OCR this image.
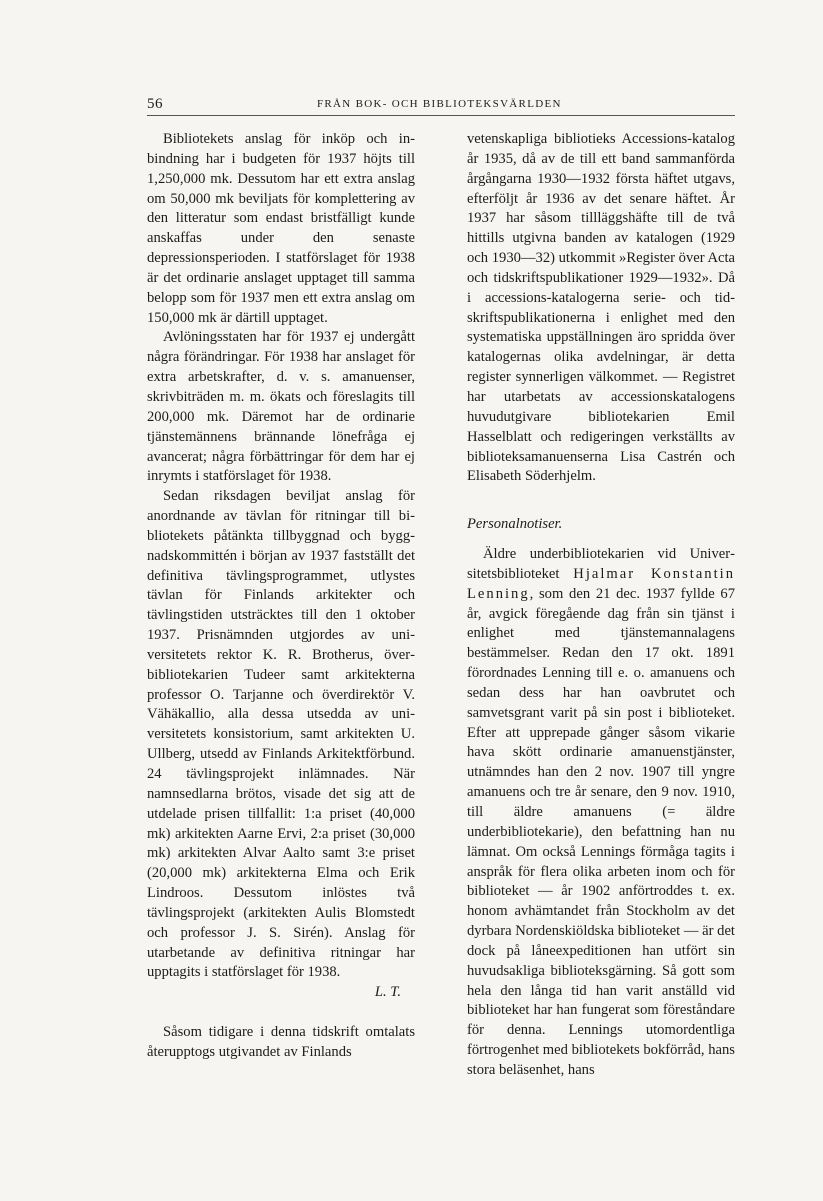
56	FRÅN BOK- OCH BIBLIOTEKSVÄRLDEN

Bibliotekets anslag för inköp och inbindning har i budgeten för 1937 höjts till 1,250,000 mk. Dessutom har ett extra anslag om 50,000 mk beviljats för komplettering av den litteratur som endast bristfälligt kunde anskaffas under den senaste depressionsperioden. I statförslaget för 1938 är det ordinarie anslaget upptaget till samma belopp som för 1937 men ett extra anslag om 150,000 mk är därtill upptaget.

Avlöningsstaten har för 1937 ej undergått några förändringar. För 1938 har anslaget för extra arbetskrafter, d. v. s. amanuenser, skrivbiträden m. m. ökats och föreslagits till 200,000 mk. Däremot har de ordinarie tjänstemännens brännande lönefråga ej avancerat; några förbättringar för dem har ej inrymts i statförslaget för 1938.

Sedan riksdagen beviljat anslag för anordnande av tävlan för ritningar till bibliotekets påtänkta tillbyggnad och byggnadskommittén i början av 1937 fastställt det definitiva tävlingsprogrammet, utlystes tävlan för Finlands arkitekter och tävlingstiden utsträcktes till den 1 oktober 1937. Prisnämnden utgjordes av universitetets rektor K. R. Brotherus, överbibliotekarien Tudeer samt arkitekterna professor O. Tarjanne och överdirektör V. Vähäkallio, alla dessa utsedda av universitetets konsistorium, samt arkitekten U. Ullberg, utsedd av Finlands Arkitektförbund. 24 tävlingsprojekt inlämnades. När namnsedlarna brötos, visade det sig att de utdelade prisen tillfallit: 1:a priset (40,000 mk) arkitekten Aarne Ervi, 2:a priset (30,000 mk) arkitekten Alvar Aalto samt 3:e priset (20,000 mk) arkitekterna Elma och Erik Lindroos. Dessutom inlöstes två tävlingsprojekt (arkitekten Aulis Blomstedt och professor J. S. Sirén). Anslag för utarbetande av definitiva ritningar har upptagits i statförslaget för 1938.

L. T.

Såsom tidigare i denna tidskrift omtalats återupptogs utgivandet av Finlands

vetenskapliga bibliotieks Accessions-katalog år 1935, då av de till ett band sammanförda årgångarna 1930—1932 första häftet utgavs, efterföljt år 1936 av det senare häftet. År 1937 har såsom tillläggshäfte till de två hittills utgivna banden av katalogen (1929 och 1930—32) utkommit »Register över Acta och tidskriftspublikationer 1929—1932». Då i accessions-katalogerna serie- och tidskriftspublikationerna i enlighet med den systematiska uppställningen äro spridda över katalogernas olika avdelningar, är detta register synnerligen välkommet. — Registret har utarbetats av accessionskatalogens huvudutgivare bibliotekarien Emil Hasselblatt och redigeringen verkställts av biblioteksamanuenserna Lisa Castrén och Elisabeth Söderhjelm.

Personalnotiser.

Äldre underbibliotekarien vid Universitetsbiblioteket Hjalmar Konstantin Lenning, som den 21 dec. 1937 fyllde 67 år, avgick föregående dag från sin tjänst i enlighet med tjänstemannalagens bestämmelser. Redan den 17 okt. 1891 förordnades Lenning till e. o. amanuens och sedan dess har han oavbrutet och samvetsgrant varit på sin post i biblioteket. Efter att upprepade gånger såsom vikarie hava skött ordinarie amanuenstjänster, utnämndes han den 2 nov. 1907 till yngre amanuens och tre år senare, den 9 nov. 1910, till äldre amanuens (= äldre underbibliotekarie), den befattning han nu lämnat. Om också Lennings förmåga tagits i anspråk för flera olika arbeten inom och för biblioteket — år 1902 anförtroddes t. ex. honom avhämtandet från Stockholm av det dyrbara Nordenskiöldska biblioteket — är det dock på låneexpeditionen han utfört sin huvudsakliga biblioteksgärning. Så gott som hela den långa tid han varit anställd vid biblioteket har han fungerat som föreståndare för denna. Lennings utomordentliga förtrogenhet med bibliotekets bokförråd, hans stora beläsenhet, hans
